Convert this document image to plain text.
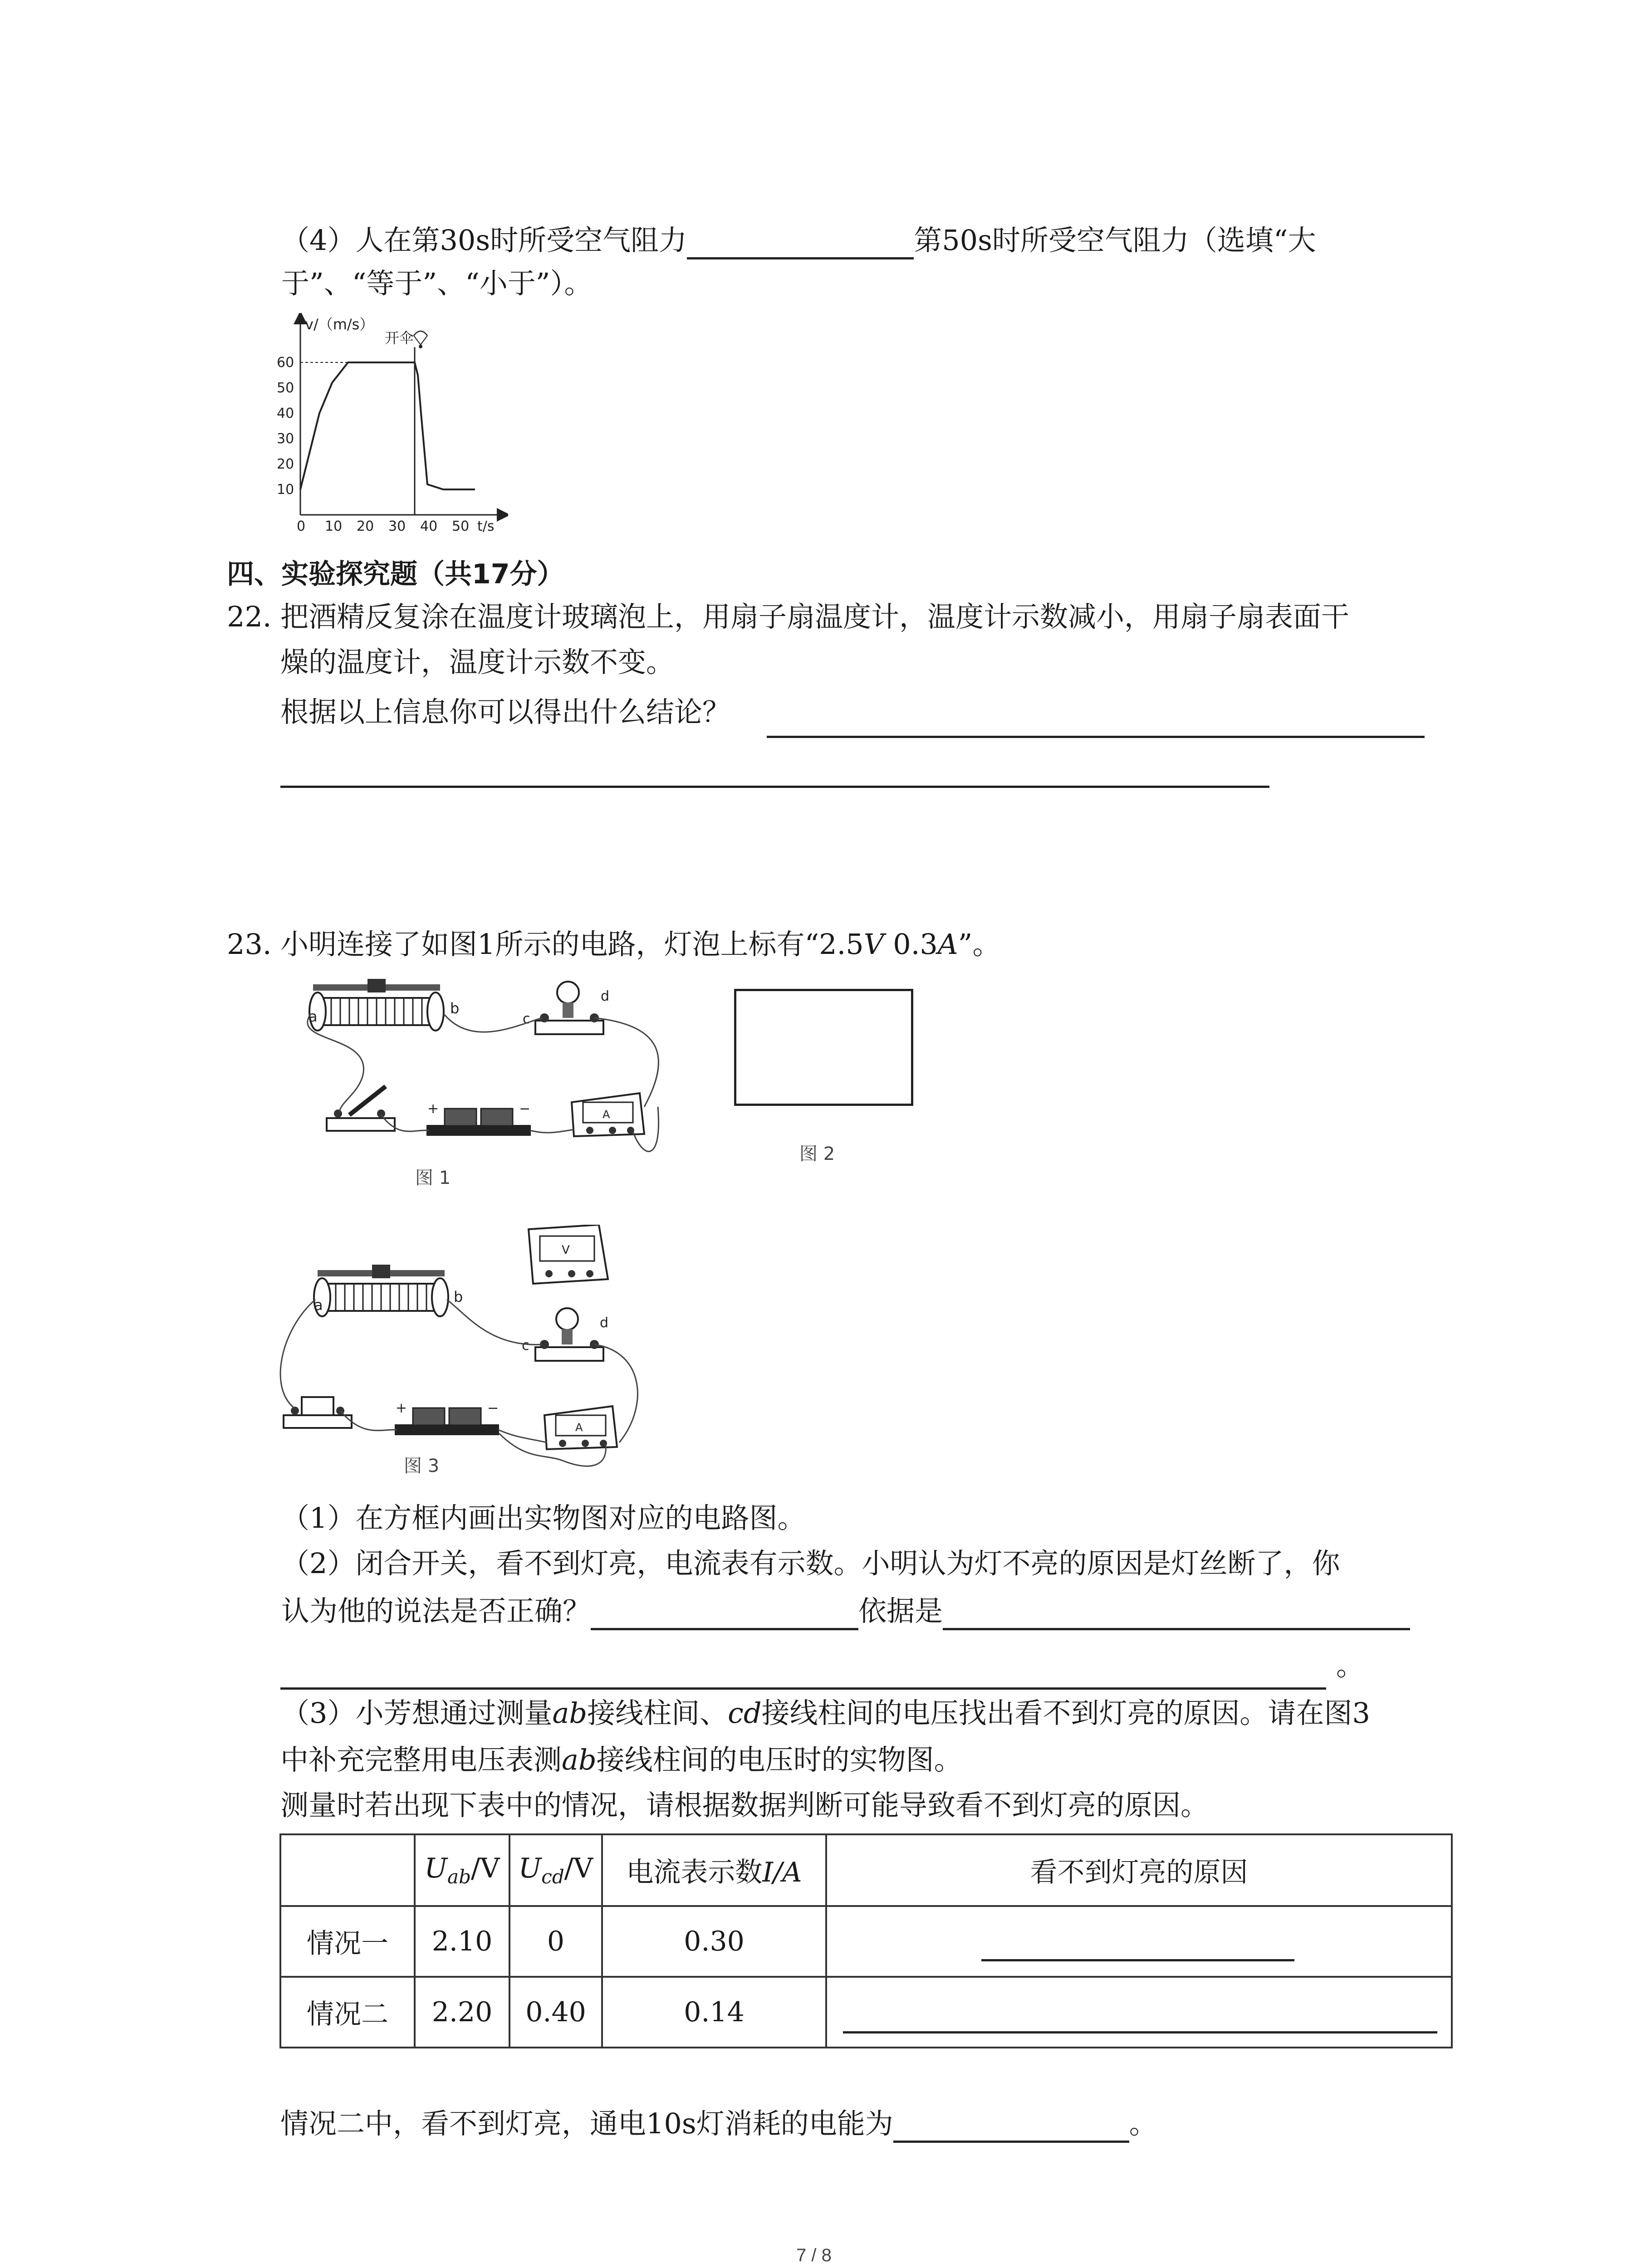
（4）人在第30s时所受空气阻力	第50s时所受空气阻力（选填“大
于”、“等于”、“小于”）。
v/（m/s）
t/s
10
20
30
40
50
60
0 10 20 30 40 50
开伞
四、实验探究题（共17分）
22. 把酒精反复涂在温度计玻璃泡上，用扇子扇温度计，温度计示数减小，用扇子扇表面干
燥的温度计，温度计示数不变。
根据以上信息你可以得出什么结论？
23. 小明连接了如图1所示的电路，灯泡上标有“2.5V 0.3A”。
a	b
c
d
+	−	A
图 1
图 2
V
a	b
c
d
+	−
A
图 3
（1）在方框内画出实物图对应的电路图。
（2）闭合开关，看不到灯亮，电流表有示数。小明认为灯不亮的原因是灯丝断了，你
认为他的说法是否正确？	依据是
。
（3）小芳想通过测量ab接线柱间、cd接线柱间的电压找出看不到灯亮的原因。请在图3
中补充完整用电压表测ab接线柱间的电压时的实物图。
测量时若出现下表中的情况，请根据数据判断可能导致看不到灯亮的原因。
	$U_{ab}/V$	$U_{cd}/V$	电流表示数I/A	看不到灯亮的原因
情况一	2.10	0	0.30	

情况二	2.20	0.40	0.14	
情况二中，看不到灯亮，通电10s灯消耗的电能为	。
7 / 8
